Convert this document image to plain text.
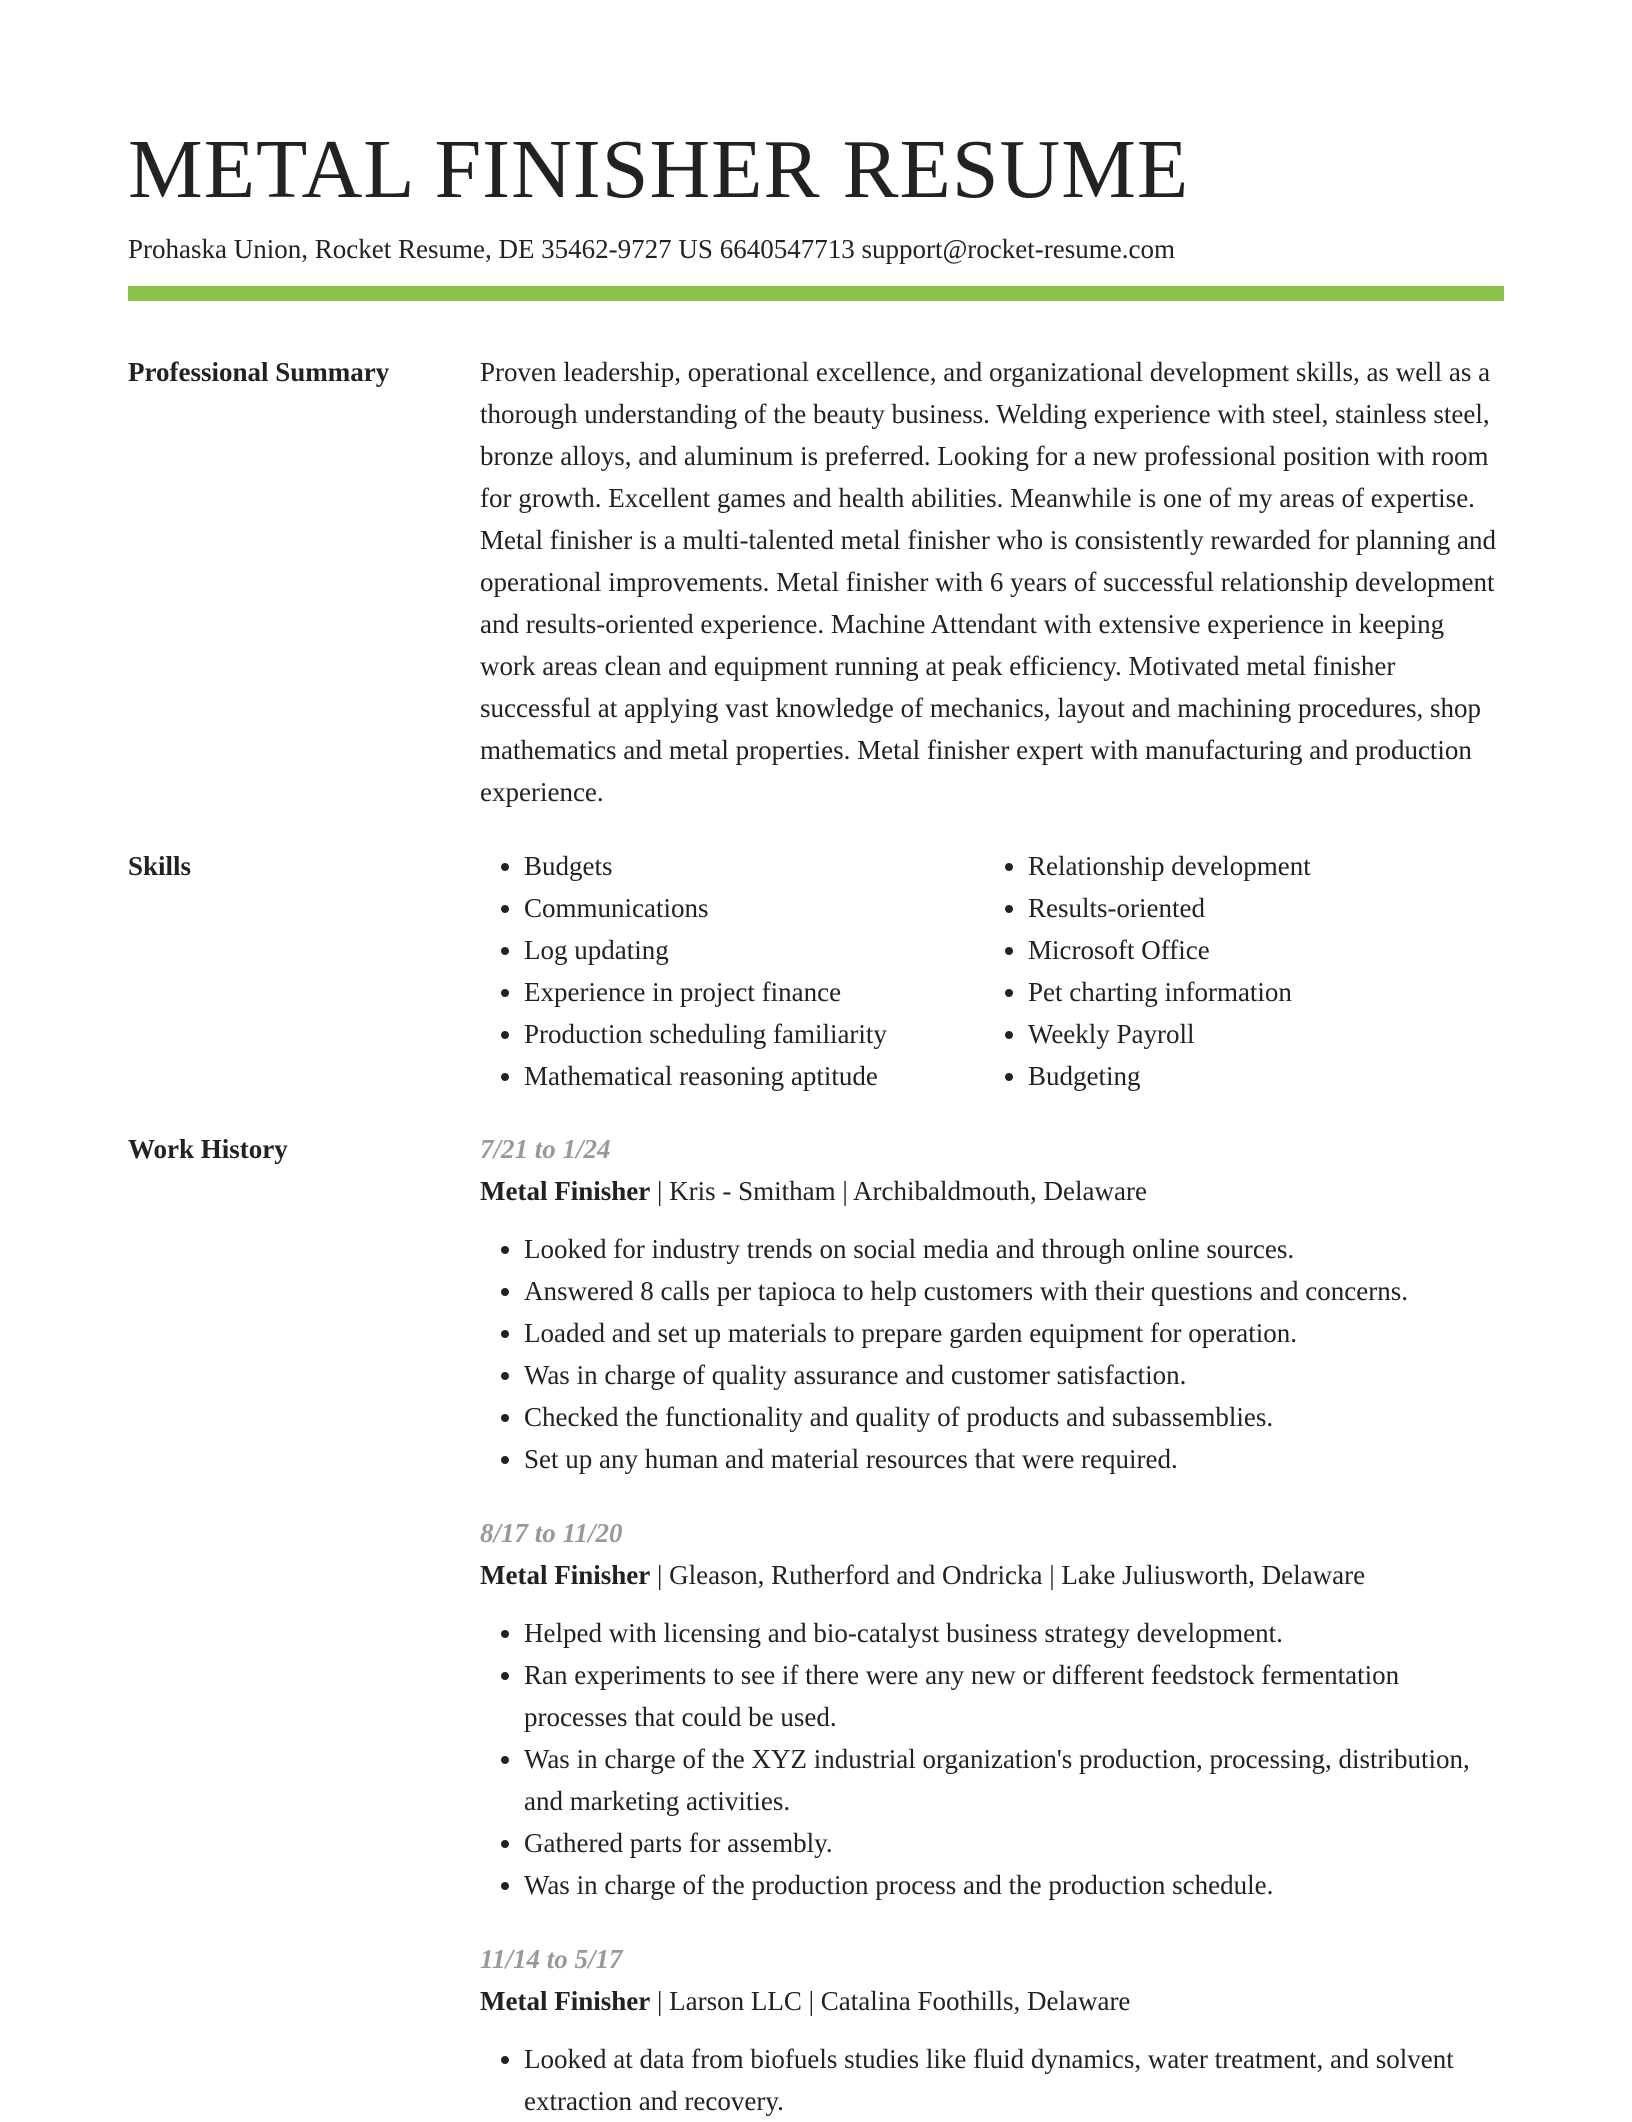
METAL FINISHER RESUME
Prohaska Union, Rocket Resume, DE 35462-9727 US 6640547713 support@rocket-resume.com
Professional Summary	Proven leadership, operational excellence, and organizational development skills, as well as a thorough understanding of the beauty business. Welding experience with steel, stainless steel, bronze alloys, and aluminum is preferred. Looking for a new professional position with room for growth. Excellent games and health abilities. Meanwhile is one of my areas of expertise. Metal finisher is a multi-talented metal finisher who is consistently rewarded for planning and operational improvements. Metal finisher with 6 years of successful relationship development and results-oriented experience. Machine Attendant with extensive experience in keeping work areas clean and equipment running at peak efficiency. Motivated metal finisher successful at applying vast knowledge of mechanics, layout and machining procedures, shop mathematics and metal properties. Metal finisher expert with manufacturing and production experience.

Skills
•	Budgets
• Communications
• Log updating
• Experience in project finance
• Production scheduling familiarity
• Mathematical reasoning aptitude
• Relationship development
• Results-oriented
• Microsoft Office
• Pet charting information
• Weekly Payroll
• Budgeting
Work History	7/21 to 1/24
Metal Finisher | Kris - Smitham | Archibaldmouth, Delaware
• Looked for industry trends on social media and through online sources.
• Answered 8 calls per tapioca to help customers with their questions and concerns.
• Loaded and set up materials to prepare garden equipment for operation.
• Was in charge of quality assurance and customer satisfaction.
• Checked the functionality and quality of products and subassemblies.
• Set up any human and material resources that were required.
8/17 to 11/20
Metal Finisher | Gleason, Rutherford and Ondricka | Lake Juliusworth, Delaware
• Helped with licensing and bio-catalyst business strategy development.
• Ran experiments to see if there were any new or different feedstock fermentation processes that could be used.
• Was in charge of the XYZ industrial organization's production, processing, distribution, and marketing activities.
• Gathered parts for assembly.
• Was in charge of the production process and the production schedule.
11/14 to 5/17
Metal Finisher | Larson LLC | Catalina Foothills, Delaware
• Looked at data from biofuels studies like fluid dynamics, water treatment, and solvent extraction and recovery.
